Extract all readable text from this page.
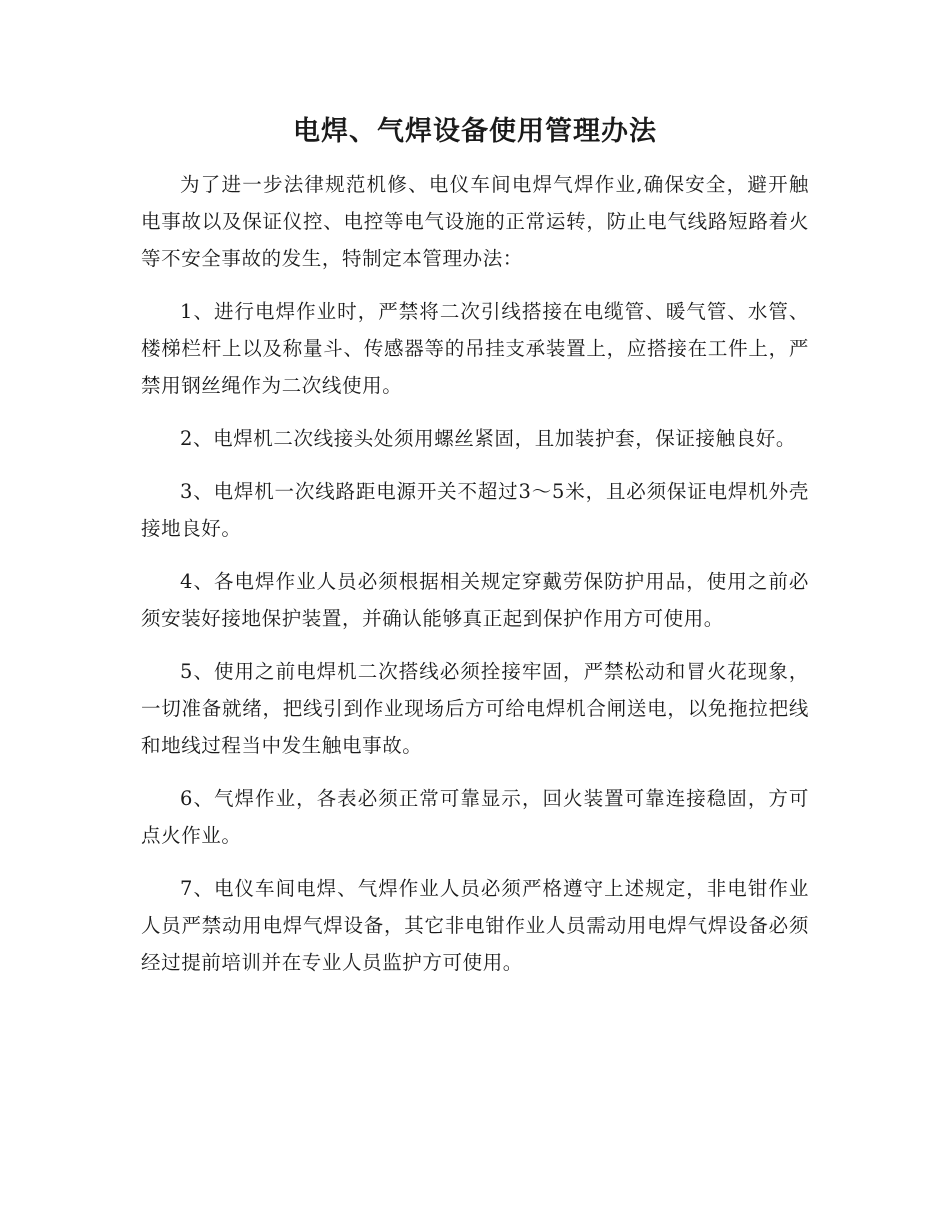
电焊、气焊设备使用管理办法

为了进一步法律规范机修、电仪车间电焊气焊作业,确保安全，避开触电事故以及保证仪控、电控等电气设施的正常运转，防止电气线路短路着火等不安全事故的发生，特制定本管理办法：

1、进行电焊作业时，严禁将二次引线搭接在电缆管、暖气管、水管、楼梯栏杆上以及称量斗、传感器等的吊挂支承装置上，应搭接在工件上，严禁用钢丝绳作为二次线使用。

2、电焊机二次线接头处须用螺丝紧固，且加装护套，保证接触良好。

3、电焊机一次线路距电源开关不超过3～5米，且必须保证电焊机外壳接地良好。

4、各电焊作业人员必须根据相关规定穿戴劳保防护用品，使用之前必须安装好接地保护装置，并确认能够真正起到保护作用方可使用。

5、使用之前电焊机二次搭线必须拴接牢固，严禁松动和冒火花现象，一切准备就绪，把线引到作业现场后方可给电焊机合闸送电，以免拖拉把线和地线过程当中发生触电事故。

6、气焊作业，各表必须正常可靠显示，回火装置可靠连接稳固，方可点火作业。

7、电仪车间电焊、气焊作业人员必须严格遵守上述规定，非电钳作业人员严禁动用电焊气焊设备，其它非电钳作业人员需动用电焊气焊设备必须经过提前培训并在专业人员监护方可使用。
